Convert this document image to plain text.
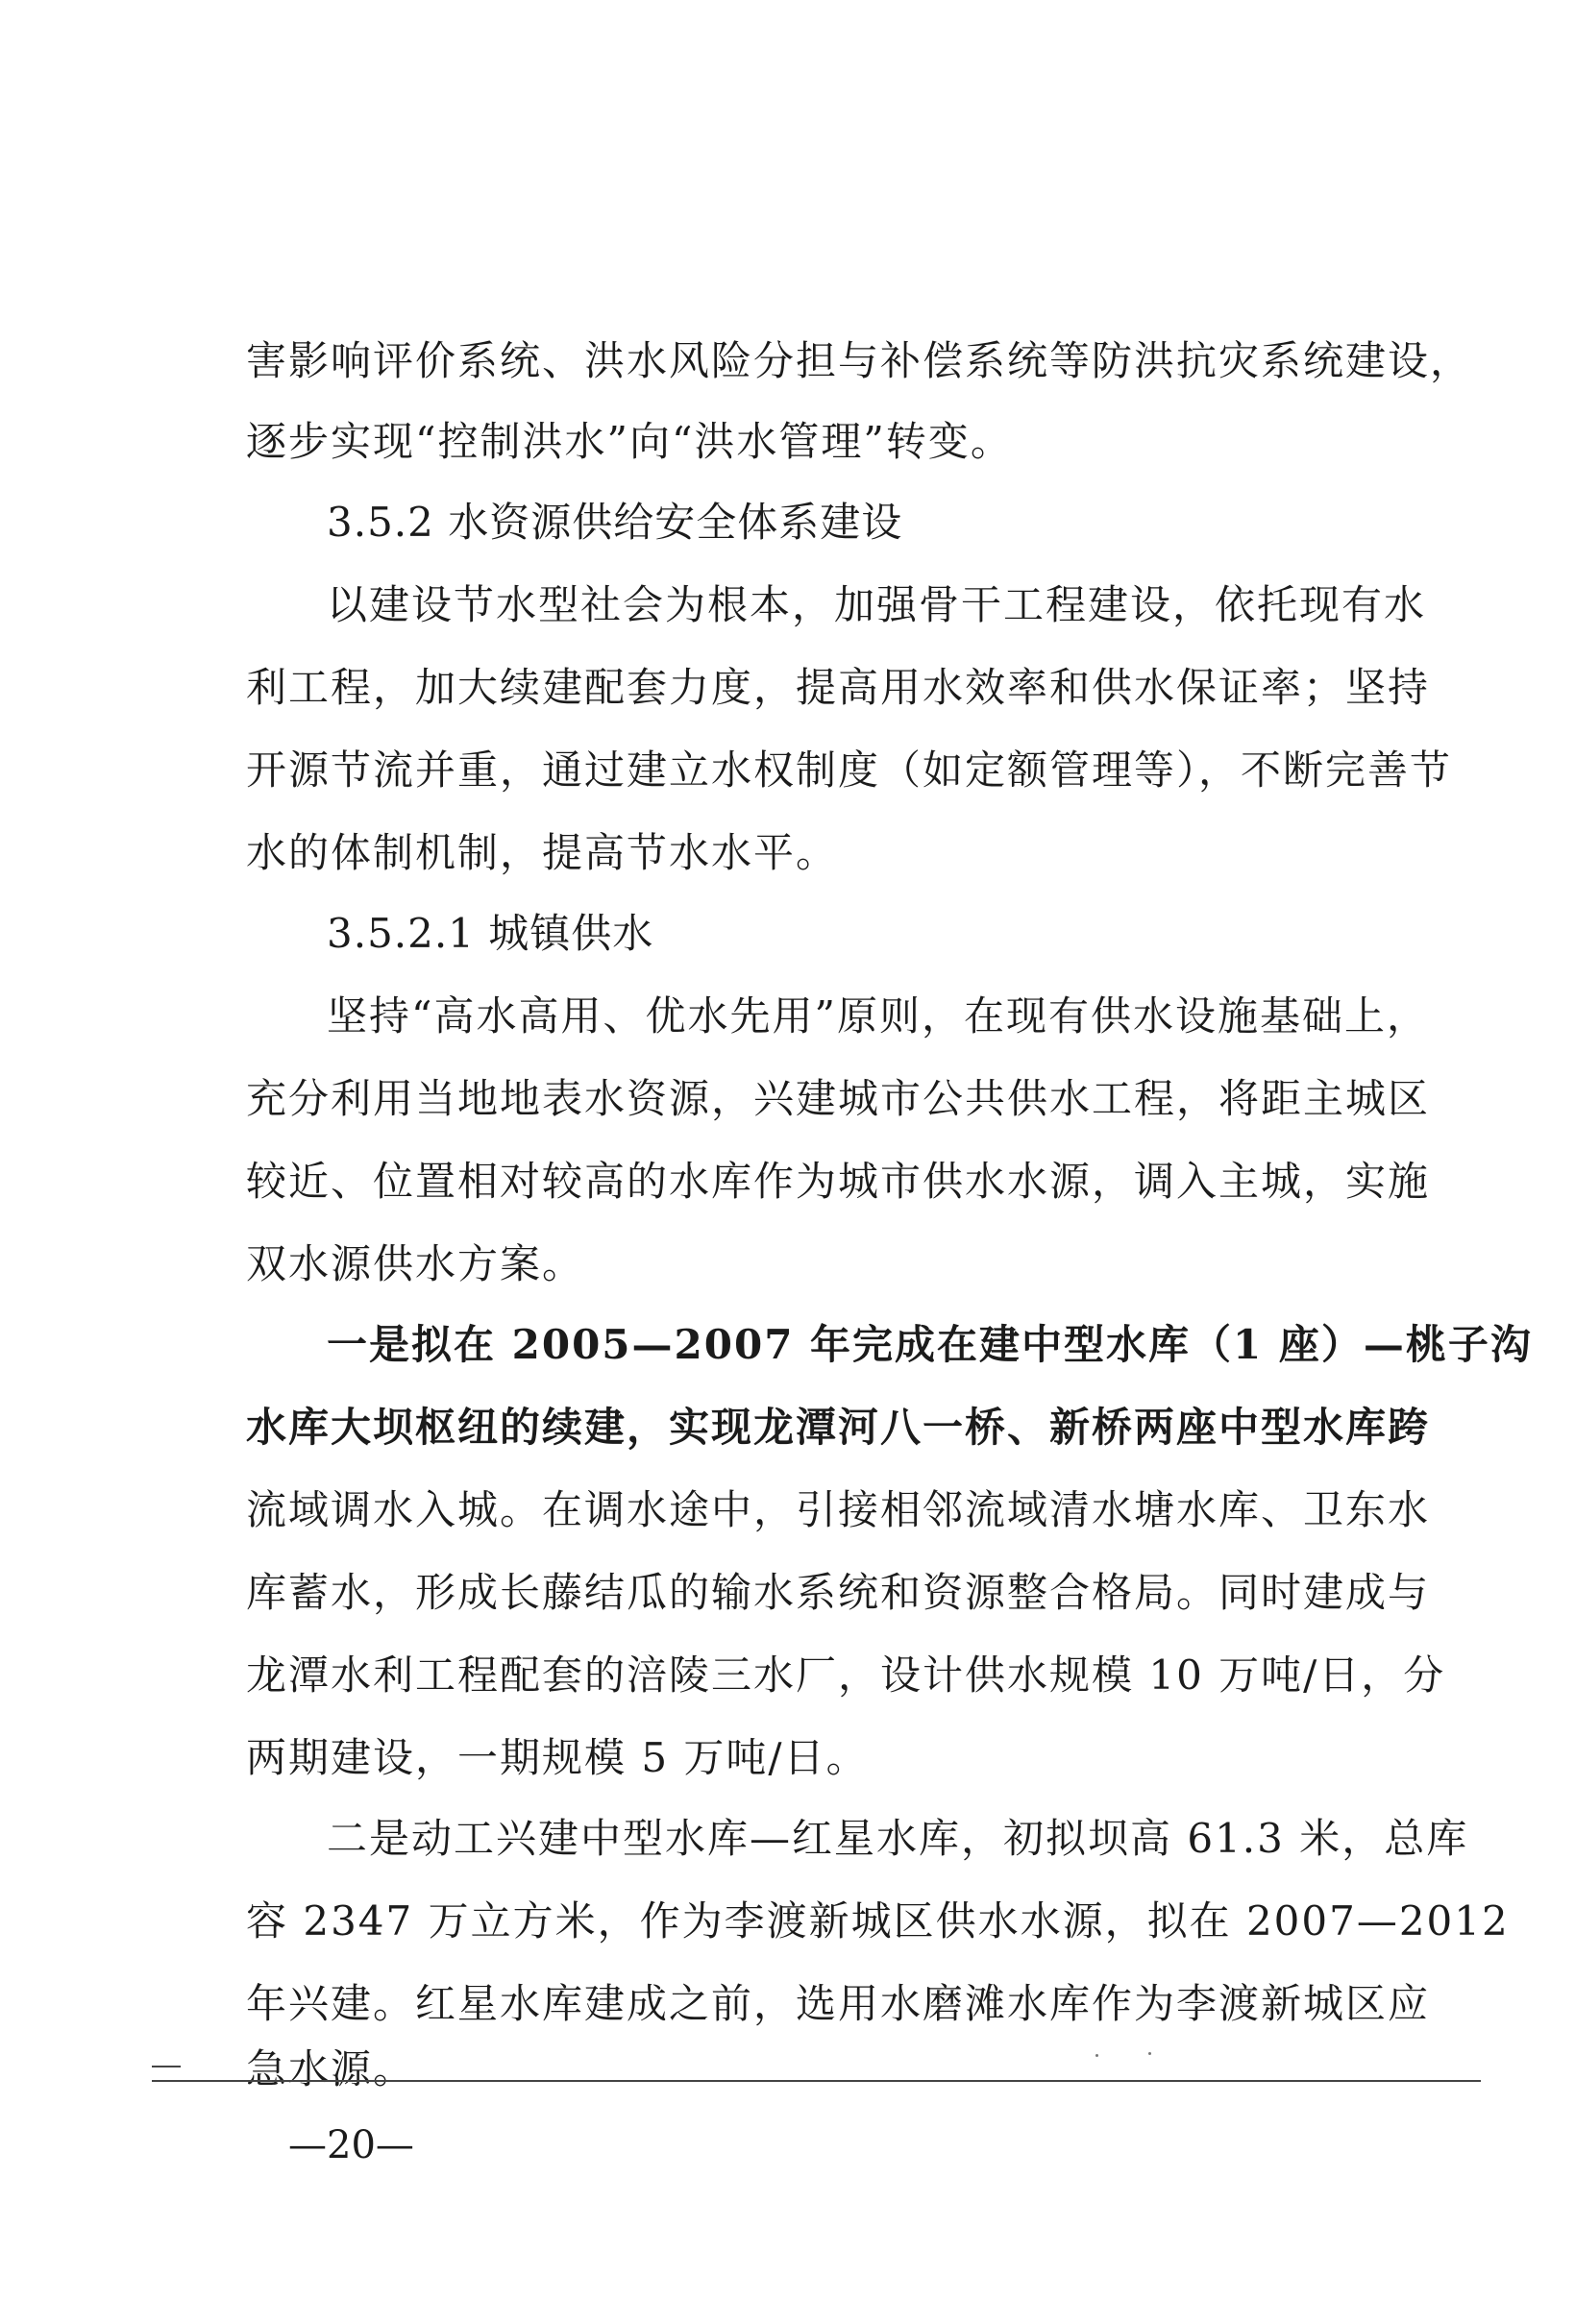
害影响评价系统、洪水风险分担与补偿系统等防洪抗灾系统建设，
逐步实现“控制洪水”向“洪水管理”转变。
3.5.2 水资源供给安全体系建设
以建设节水型社会为根本，加强骨干工程建设，依托现有水
利工程，加大续建配套力度，提高用水效率和供水保证率；坚持
开源节流并重，通过建立水权制度（如定额管理等），不断完善节
水的体制机制，提高节水水平。
3.5.2.1 城镇供水
坚持“高水高用、优水先用”原则，在现有供水设施基础上，
充分利用当地地表水资源，兴建城市公共供水工程，将距主城区
较近、位置相对较高的水库作为城市供水水源，调入主城，实施
双水源供水方案。
一是拟在 2005—2007 年完成在建中型水库（1 座）—桃子沟
水库大坝枢纽的续建，实现龙潭河八一桥、新桥两座中型水库跨
流域调水入城。在调水途中，引接相邻流域清水塘水库、卫东水
库蓄水，形成长藤结瓜的输水系统和资源整合格局。同时建成与
龙潭水利工程配套的涪陵三水厂，设计供水规模 10 万吨/日，分
两期建设，一期规模 5 万吨/日。
二是动工兴建中型水库—红星水库，初拟坝高 61.3 米，总库
容 2347 万立方米，作为李渡新城区供水水源，拟在 2007—2012
年兴建。红星水库建成之前，选用水磨滩水库作为李渡新城区应
急水源。
—20—
